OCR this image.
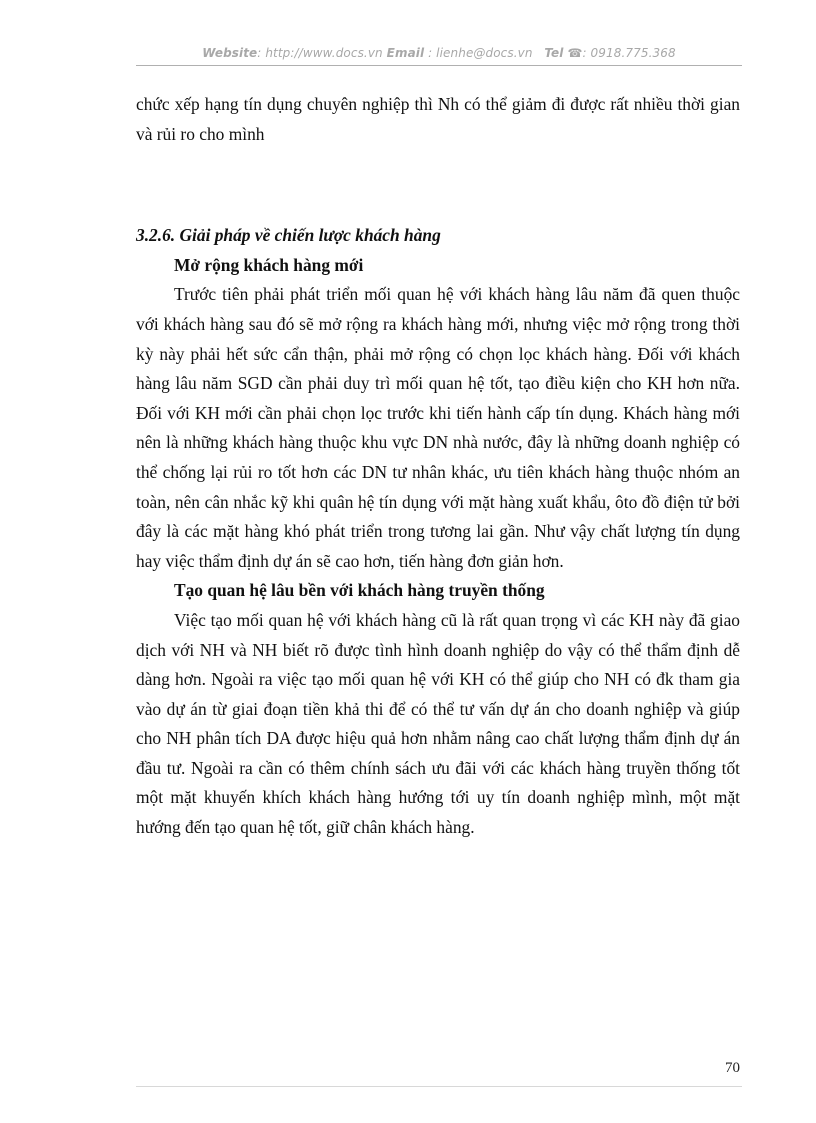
Website: http://www.docs.vn Email : lienhe@docs.vn Tel ☎: 0918.775.368

chức xếp hạng tín dụng chuyên nghiệp thì Nh có thể giảm đi được rất nhiều thời gian và rủi ro cho mình

3.2.6. Giải pháp về chiến lược khách hàng

Mở rộng khách hàng mới

Trước tiên phải phát triển mối quan hệ với khách hàng lâu năm đã quen thuộc với khách hàng sau đó sẽ mở rộng ra khách hàng mới, nhưng việc mở rộng trong thời kỳ này phải hết sức cẩn thận, phải mở rộng có chọn lọc khách hàng. Đối với khách hàng lâu năm SGD cần phải duy trì mối quan hệ tốt, tạo điều kiện cho KH hơn nữa. Đối với KH mới cần phải chọn lọc trước khi tiến hành cấp tín dụng. Khách hàng mới nên là những khách hàng thuộc khu vực DN nhà nước, đây là những doanh nghiệp có thể chống lại rủi ro tốt hơn các DN tư nhân khác, ưu tiên khách hàng thuộc nhóm an toàn, nên cân nhắc kỹ khi quân hệ tín dụng với mặt hàng xuất khẩu, ôto đồ điện tử bởi đây là các mặt hàng khó phát triển trong tương lai gần. Như vậy chất lượng tín dụng hay việc thẩm định dự án sẽ cao hơn, tiến hàng đơn giản hơn.

Tạo quan hệ lâu bền với khách hàng truyền thống

Việc tạo mối quan hệ với khách hàng cũ là rất quan trọng vì các KH này đã giao dịch với NH và NH biết rõ được tình hình doanh nghiệp do vậy có thể thẩm định dễ dàng hơn. Ngoài ra việc tạo mối quan hệ với KH có thể giúp cho NH có đk tham gia vào dự án từ giai đoạn tiền khả thi để có thể tư vấn dự án cho doanh nghiệp và giúp cho NH phân tích DA được hiệu quả hơn nhằm nâng cao chất lượng thẩm định dự án đầu tư. Ngoài ra cần có thêm chính sách ưu đãi với các khách hàng truyền thống tốt một mặt khuyến khích khách hàng hướng tới uy tín doanh nghiệp mình, một mặt hướng đến tạo quan hệ tốt, giữ chân khách hàng.

70
